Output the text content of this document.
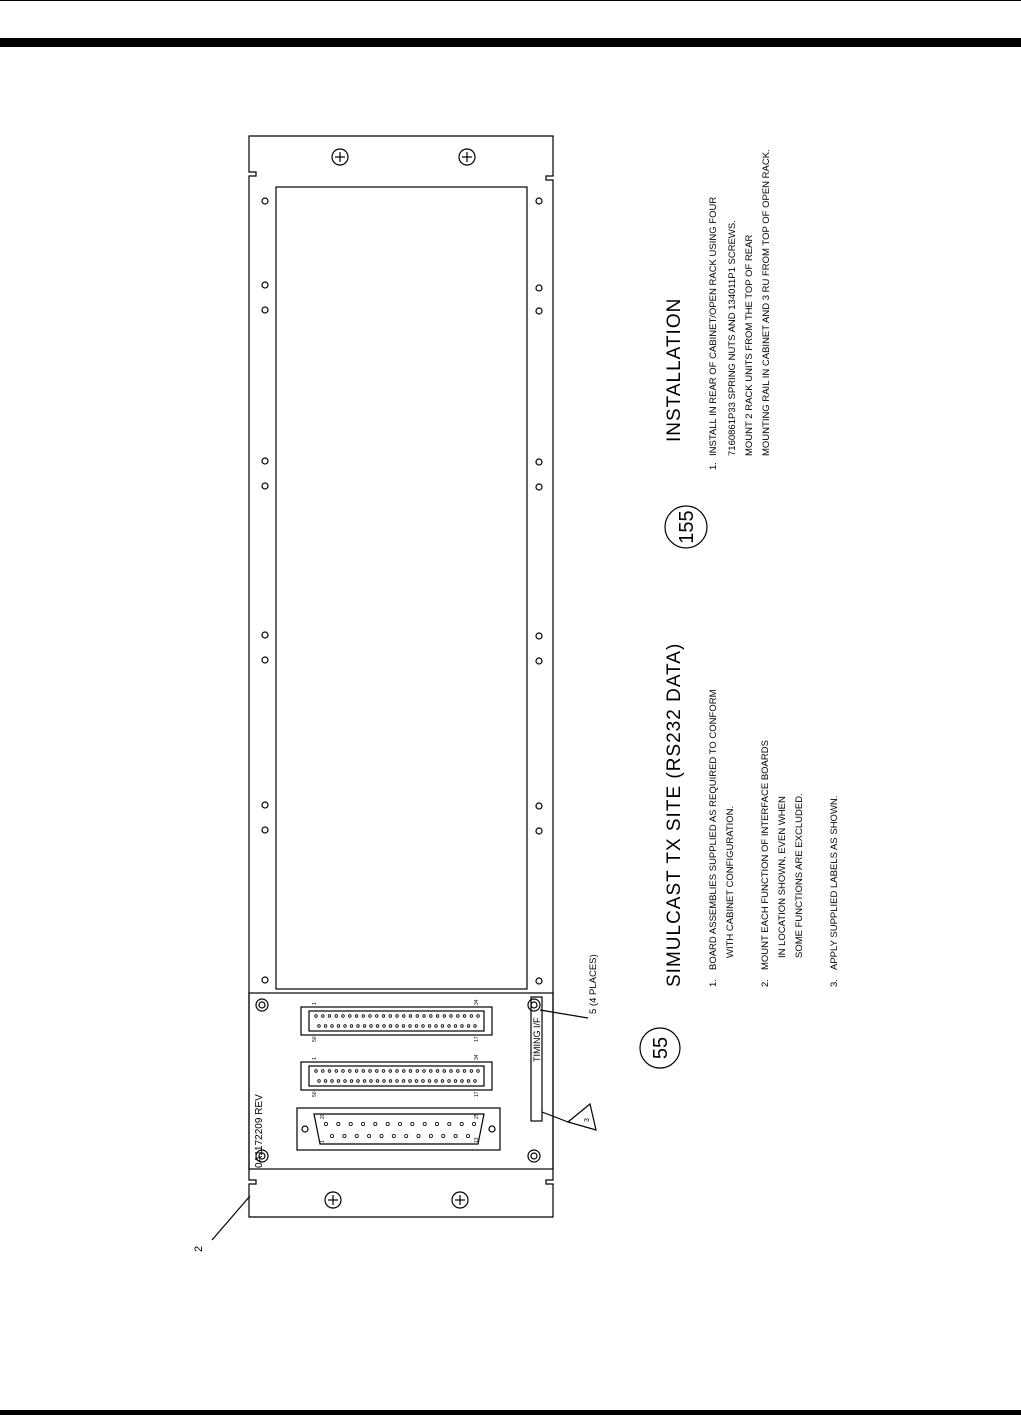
0A1172209 REV
TIMING I/F
2
5 (4 PLACES)
3
55
155
SIMULCAST TX SITE (RS232 DATA)
INSTALLATION
1.
BOARD ASSEMBLIES SUPPLIED AS REQUIRED TO CONFORM WITH CABINET CONFIGURATION.
2.
MOUNT EACH FUNCTION OF INTERFACE BOARDS IN LOCATION SHOWN, EVEN WHEN SOME FUNCTIONS ARE EXCLUDED.
3.
APPLY SUPPLIED LABELS AS SHOWN.
1.
INSTALL IN REAR OF CABINET/OPEN RACK USING FOUR 7160861P33 SPRING NUTS AND 134011P1 SCREWS. MOUNT 2 RACK UNITS FROM THE TOP OF REAR MOUNTING RAIL IN CABINET AND 3 RU FROM TOP OF OPEN RACK.
20	25
1	13
1	34
50	17
1	34
50	17
